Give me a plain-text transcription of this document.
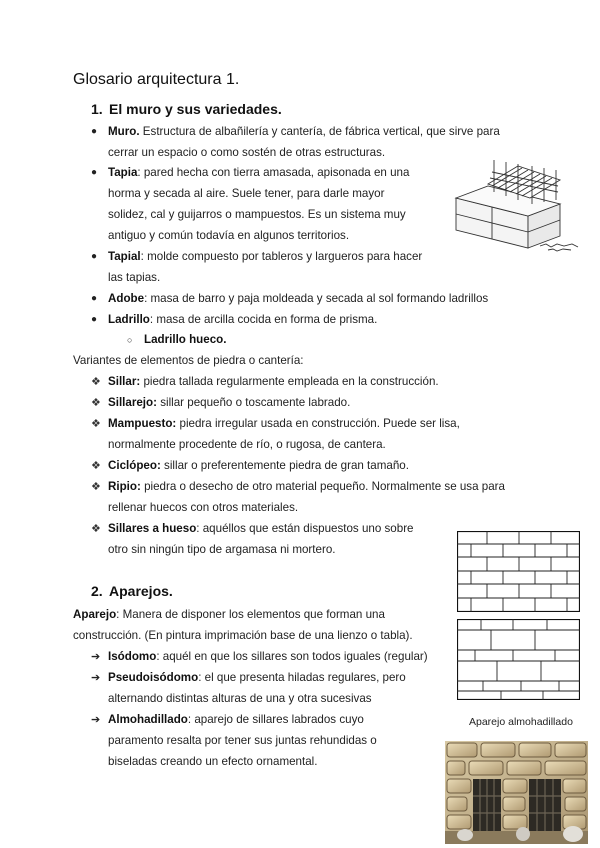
Glosario arquitectura 1.
1. El muro y sus variedades.
● Muro. Estructura de albañilería y cantería, de fábrica vertical, que sirve para
cerrar un espacio o como sostén de otras estructuras.
● Tapia: pared hecha con tierra amasada, apisonada en una
horma y secada al aire. Suele tener, para darle mayor
solidez, cal y guijarros o mampuestos. Es un sistema muy
antiguo y común todavía en algunos territorios.
● Tapial: molde compuesto por tableros y largueros para hacer
las tapias.
● Adobe: masa de barro y paja moldeada y secada al sol formando ladrillos
● Ladrillo: masa de arcilla cocida en forma de prisma.
○ Ladrillo hueco.
Variantes de elementos de piedra o cantería:
❖ Sillar: piedra tallada regularmente empleada en la construcción.
❖ Sillarejo: sillar pequeño o toscamente labrado.
❖ Mampuesto: piedra irregular usada en construcción. Puede ser lisa,
normalmente procedente de río, o rugosa, de cantera.
❖ Ciclópeo: sillar o preferentemente piedra de gran tamaño.
❖ Ripio: piedra o desecho de otro material pequeño. Normalmente se usa para
rellenar huecos con otros materiales.
❖ Sillares a hueso: aquéllos que están dispuestos uno sobre
otro sin ningún tipo de argamasa ni mortero.
2. Aparejos.
Aparejo: Manera de disponer los elementos que forman una
construcción. (En pintura imprimación base de una lienzo o tabla).
➔ Isódomo: aquél en que los sillares son todos iguales (regular)
➔ Pseudoisódomo: el que presenta hiladas regulares, pero
alternando distintas alturas de una y otra sucesivas
➔ Almohadillado: aparejo de sillares labrados cuyo
paramento resalta por tener sus juntas rehundidas o
biseladas creando un efecto ornamental.
Aparejo almohadillado
